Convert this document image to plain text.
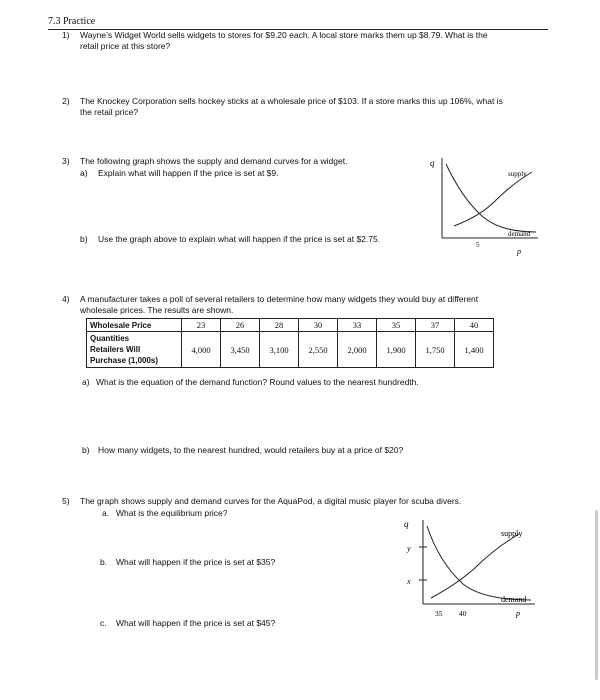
7.3 Practice
1) Wayne’s Widget World sells widgets to stores for $9.20 each. A local store marks them up $8.79. What is the
retail price at this store?
2) The Knockey Corporation sells hockey sticks at a wholesale price of $103. If a store marks this up 106%, what is
the retail price?
3) The following graph shows the supply and demand curves for a widget.
a) Explain what will happen if the price is set at $9.
b) Use the graph above to explain what will happen if the price is set at $2.75.
q
supply
demand
5
p
4) A manufacturer takes a poll of several retailers to determine how many widgets they would buy at different
wholesale prices. The results are shown.
Wholesale Price	23	26	28	30	33	35	37	40

Quantities
Retailers Will
Purchase (1,000s)	4,000	3,450	3,100	2,550	2,000	1,900	1,750	1,400
a) What is the equation of the demand function? Round values to the nearest hundredth.
b) How many widgets, to the nearest hundred, would retailers buy at a price of $20?
5) The graph shows supply and demand curves for the AquaPod, a digital music player for scuba divers.
a. What is the equilibrium price?
b. What will happen if the price is set at $35?
c. What will happen if the price is set at $45?
q
y
x
supply
demand
35 40	p
